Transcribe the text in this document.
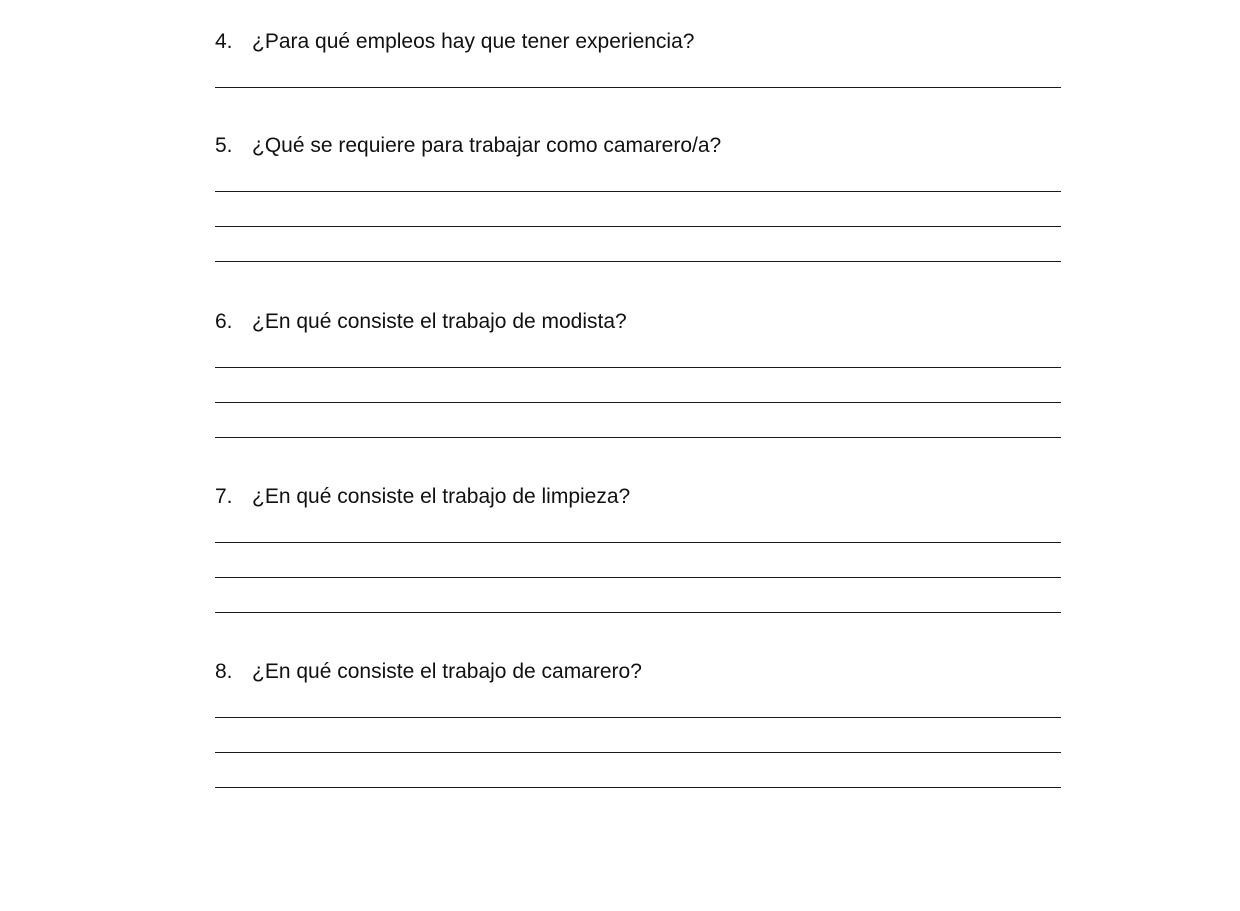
4. ¿Para qué empleos hay que tener experiencia?
5. ¿Qué se requiere para trabajar como camarero/a?
6. ¿En qué consiste el trabajo de modista?
7. ¿En qué consiste el trabajo de limpieza?
8. ¿En qué consiste el trabajo de camarero?
